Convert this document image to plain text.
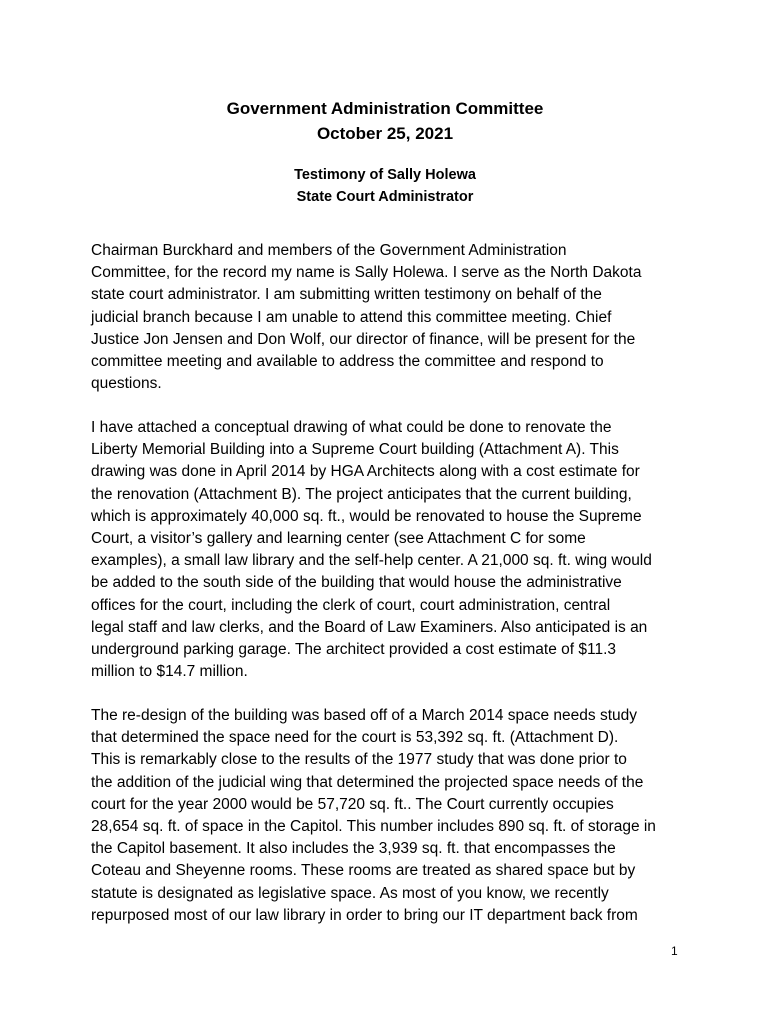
Government Administration Committee
October 25, 2021
Testimony of Sally Holewa
State Court Administrator
Chairman Burckhard and members of the Government Administration
Committee, for the record my name is Sally Holewa. I serve as the North Dakota
state court administrator. I am submitting written testimony on behalf of the
judicial branch because I am unable to attend this committee meeting. Chief
Justice Jon Jensen and Don Wolf, our director of finance, will be present for the
committee meeting and available to address the committee and respond to
questions.
I have attached a conceptual drawing of what could be done to renovate the
Liberty Memorial Building into a Supreme Court building (Attachment A). This
drawing was done in April 2014 by HGA Architects along with a cost estimate for
the renovation (Attachment B). The project anticipates that the current building,
which is approximately 40,000 sq. ft., would be renovated to house the Supreme
Court, a visitor’s gallery and learning center (see Attachment C for some
examples), a small law library and the self-help center. A 21,000 sq. ft. wing would
be added to the south side of the building that would house the administrative
offices for the court, including the clerk of court, court administration, central
legal staff and law clerks, and the Board of Law Examiners. Also anticipated is an
underground parking garage. The architect provided a cost estimate of $11.3
million to $14.7 million.
The re-design of the building was based off of a March 2014 space needs study
that determined the space need for the court is 53,392 sq. ft. (Attachment D).
This is remarkably close to the results of the 1977 study that was done prior to
the addition of the judicial wing that determined the projected space needs of the
court for the year 2000 would be 57,720 sq. ft.. The Court currently occupies
28,654 sq. ft. of space in the Capitol. This number includes 890 sq. ft. of storage in
the Capitol basement. It also includes the 3,939 sq. ft. that encompasses the
Coteau and Sheyenne rooms. These rooms are treated as shared space but by
statute is designated as legislative space. As most of you know, we recently
repurposed most of our law library in order to bring our IT department back from
1
